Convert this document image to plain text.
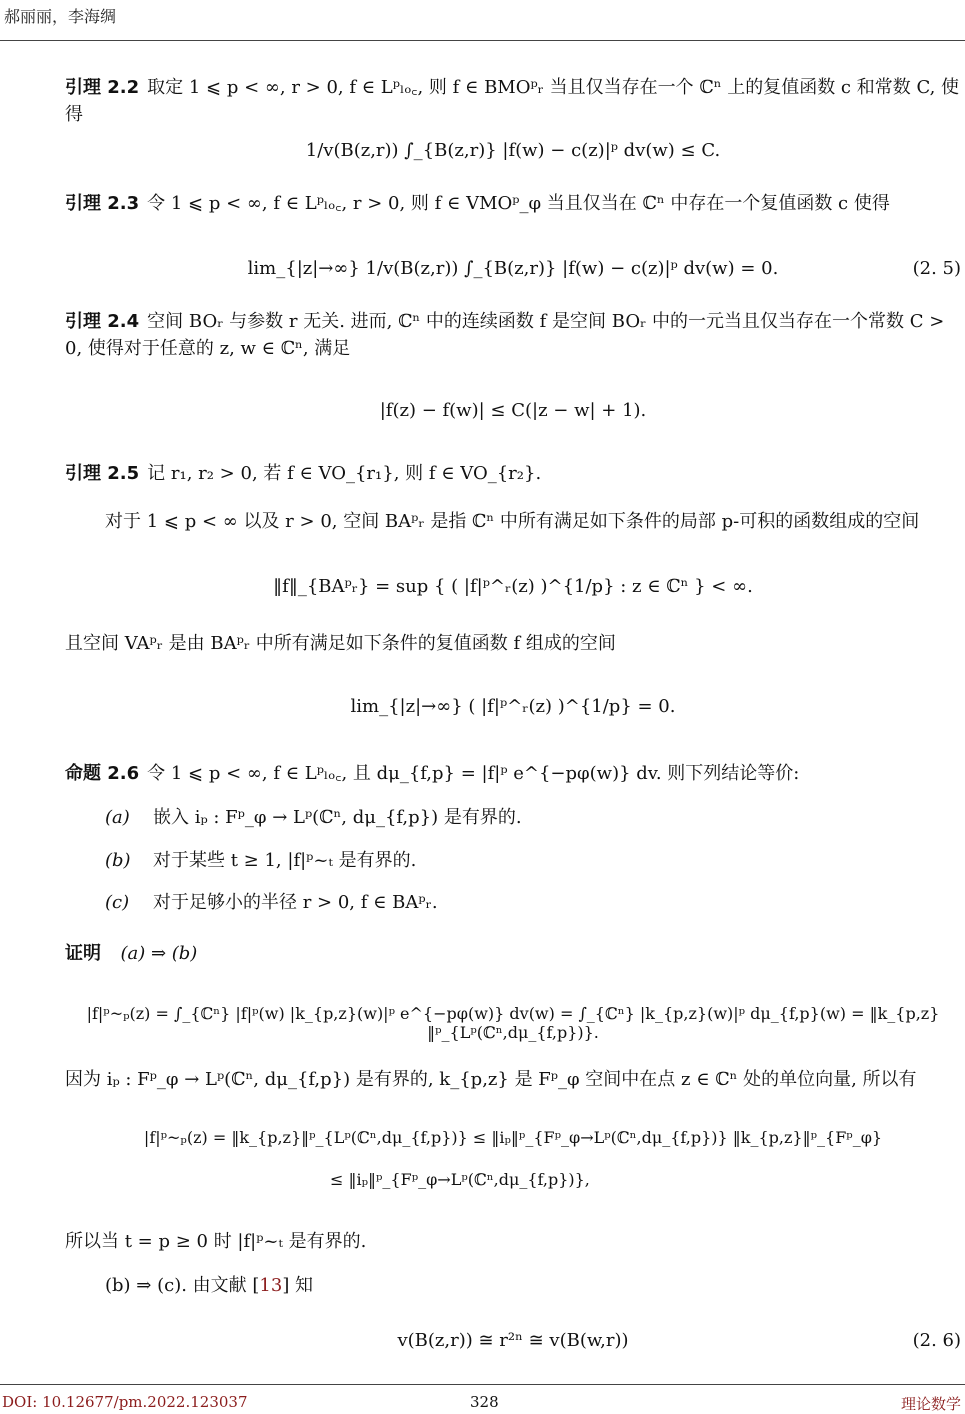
郝丽丽，李海绸
引理 2.2 取定 1 ⩽ p < ∞, r > 0, f ∈ Lᵖₗₒ꜀, 则 f ∈ BMOᵖᵣ 当且仅当存在一个 ℂⁿ 上的复值函数 c 和常数 C, 使得
1/v(B(z,r)) ∫_{B(z,r)} |f(w) − c(z)|ᵖ dv(w) ≤ C.
引理 2.3 令 1 ⩽ p < ∞, f ∈ Lᵖₗₒ꜀, r > 0, 则 f ∈ VMOᵖ_φ 当且仅当在 ℂⁿ 中存在一个复值函数 c 使得
lim_{|z|→∞} 1/v(B(z,r)) ∫_{B(z,r)} |f(w) − c(z)|ᵖ dv(w) = 0.	(2. 5)
引理 2.4 空间 BOᵣ 与参数 r 无关. 进而, ℂⁿ 中的连续函数 f 是空间 BOᵣ 中的一元当且仅当存在一个常数 C > 0, 使得对于任意的 z, w ∈ ℂⁿ, 满足
|f(z) − f(w)| ≤ C(|z − w| + 1).
引理 2.5 记 r₁, r₂ > 0, 若 f ∈ VO_{r₁}, 则 f ∈ VO_{r₂}.
对于 1 ⩽ p < ∞ 以及 r > 0, 空间 BAᵖᵣ 是指 ℂⁿ 中所有满足如下条件的局部 p-可积的函数组成的空间
‖f‖_{BAᵖᵣ} = sup { ( |f|ᵖ^ᵣ(z) )^{1/p} : z ∈ ℂⁿ } < ∞.
且空间 VAᵖᵣ 是由 BAᵖᵣ 中所有满足如下条件的复值函数 f 组成的空间
lim_{|z|→∞} ( |f|ᵖ^ᵣ(z) )^{1/p} = 0.
命题 2.6 令 1 ⩽ p < ∞, f ∈ Lᵖₗₒ꜀, 且 dμ_{f,p} = |f|ᵖ e^{−pφ(w)} dv. 则下列结论等价:
(a) 嵌入 iₚ : Fᵖ_φ → Lᵖ(ℂⁿ, dμ_{f,p}) 是有界的.
(b) 对于某些 t ≥ 1, |f|ᵖ~ₜ 是有界的.
(c) 对于足够小的半径 r > 0, f ∈ BAᵖᵣ.
证明 (a) ⇒ (b)
|f|ᵖ~ₚ(z) = ∫_{ℂⁿ} |f|ᵖ(w) |k_{p,z}(w)|ᵖ e^{−pφ(w)} dv(w) = ∫_{ℂⁿ} |k_{p,z}(w)|ᵖ dμ_{f,p}(w) = ‖k_{p,z}‖ᵖ_{Lᵖ(ℂⁿ,dμ_{f,p})}.
因为 iₚ : Fᵖ_φ → Lᵖ(ℂⁿ, dμ_{f,p}) 是有界的, k_{p,z} 是 Fᵖ_φ 空间中在点 z ∈ ℂⁿ 处的单位向量, 所以有
|f|ᵖ~ₚ(z) = ‖k_{p,z}‖ᵖ_{Lᵖ(ℂⁿ,dμ_{f,p})} ≤ ‖iₚ‖ᵖ_{Fᵖ_φ→Lᵖ(ℂⁿ,dμ_{f,p})} ‖k_{p,z}‖ᵖ_{Fᵖ_φ}
≤ ‖iₚ‖ᵖ_{Fᵖ_φ→Lᵖ(ℂⁿ,dμ_{f,p})},
所以当 t = p ≥ 0 时 |f|ᵖ~ₜ 是有界的.
(b) ⇒ (c). 由文献 [13] 知
v(B(z,r)) ≅ r²ⁿ ≅ v(B(w,r))	(2. 6)
DOI: 10.12677/pm.2022.123037	328	理论数学
